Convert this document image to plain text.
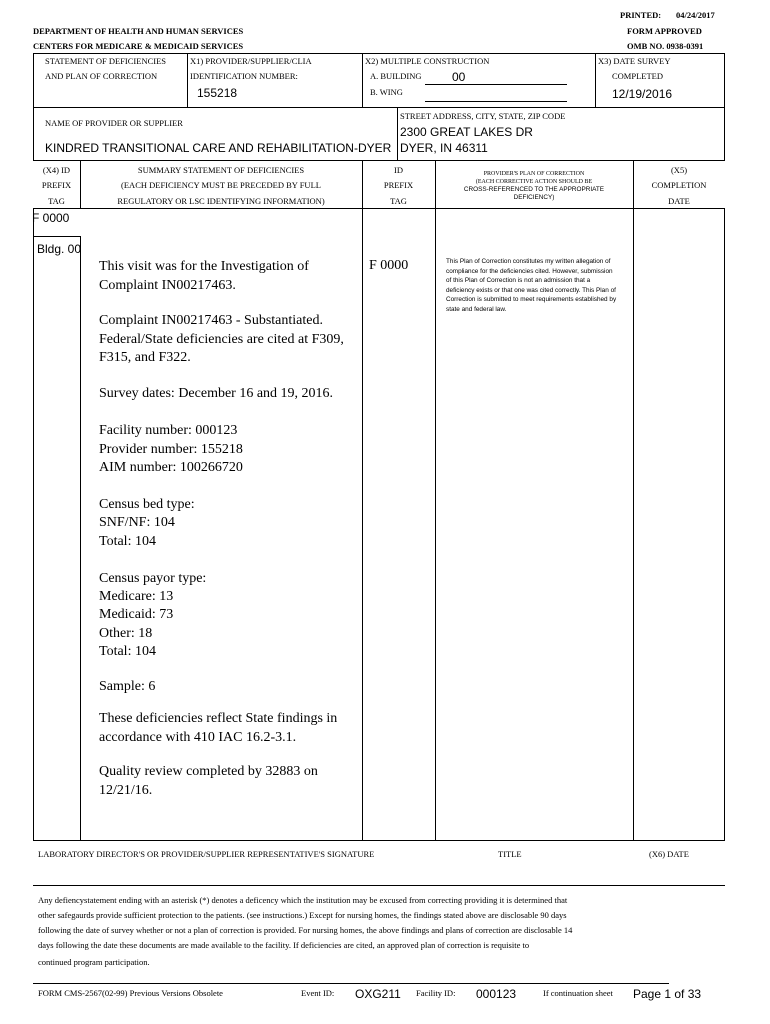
PRINTED: 04/24/2017
DEPARTMENT OF HEALTH AND HUMAN SERVICES	FORM APPROVED
CENTERS FOR MEDICARE & MEDICAID SERVICES	OMB NO. 0938-0391
STATEMENT OF DEFICIENCIES
AND PLAN OF CORRECTION
X1) PROVIDER/SUPPLIER/CLIA
IDENTIFICATION NUMBER:
155218
X2) MULTIPLE CONSTRUCTION
A. BUILDING	00
B. WING
X3) DATE SURVEY
COMPLETED
12/19/2016
NAME OF PROVIDER OR SUPPLIER
KINDRED TRANSITIONAL CARE AND REHABILITATION-DYER
STREET ADDRESS, CITY, STATE, ZIP CODE
2300 GREAT LAKES DR
DYER, IN 46311
(X4) ID
PREFIX
TAG
SUMMARY STATEMENT OF DEFICIENCIES
(EACH DEFICIENCY MUST BE PRECEDED BY FULL
REGULATORY OR LSC IDENTIFYING INFORMATION)
ID
PREFIX
TAG
PROVIDER'S PLAN OF CORRECTION
(EACH CORRECTIVE ACTION SHOULD BE
CROSS-REFERENCED TO THE APPROPRIATE
DEFICIENCY)
(X5)
COMPLETION
DATE
F 0000
Bldg. 00
This visit was for the Investigation of Complaint IN00217463.
Complaint IN00217463 - Substantiated. Federal/State deficiencies are cited at F309, F315, and F322.
Survey dates: December 16 and 19, 2016.
Facility number: 000123
Provider number: 155218
AIM number: 100266720
Census bed type:
SNF/NF: 104
Total: 104
Census payor type:
Medicare: 13
Medicaid: 73
Other: 18
Total: 104
Sample: 6
These deficiencies reflect State findings in accordance with 410 IAC 16.2-3.1.
Quality review completed by 32883 on 12/21/16.
F 0000	This Plan of Correction constitutes my written allegation of compliance for the deficiencies cited. However, submission of this Plan of Correction is not an admission that a deficiency exists or that one was cited correctly. This Plan of Correction is submitted to meet requirements established by state and federal law.
LABORATORY DIRECTOR'S OR PROVIDER/SUPPLIER REPRESENTATIVE'S SIGNATURE	TITLE	(X6) DATE
Any defiencystatement ending with an asterisk (*) denotes a deficency which the institution may be excused from correcting providing it is determined that
other safegaurds provide sufficient protection to the patients. (see instructions.) Except for nursing homes, the findings stated above are disclosable 90 days
following the date of survey whether or not a plan of correction is provided. For nursing homes, the above findings and plans of correction are disclosable 14
days following the date these documents are made available to the facility. If deficiencies are cited, an approved plan of correction is requisite to
continued program participation.
FORM CMS-2567(02-99) Previous Versions Obsolete	Event ID: OXG211 Facility ID: 000123	If continuation sheet Page 1 of 33
